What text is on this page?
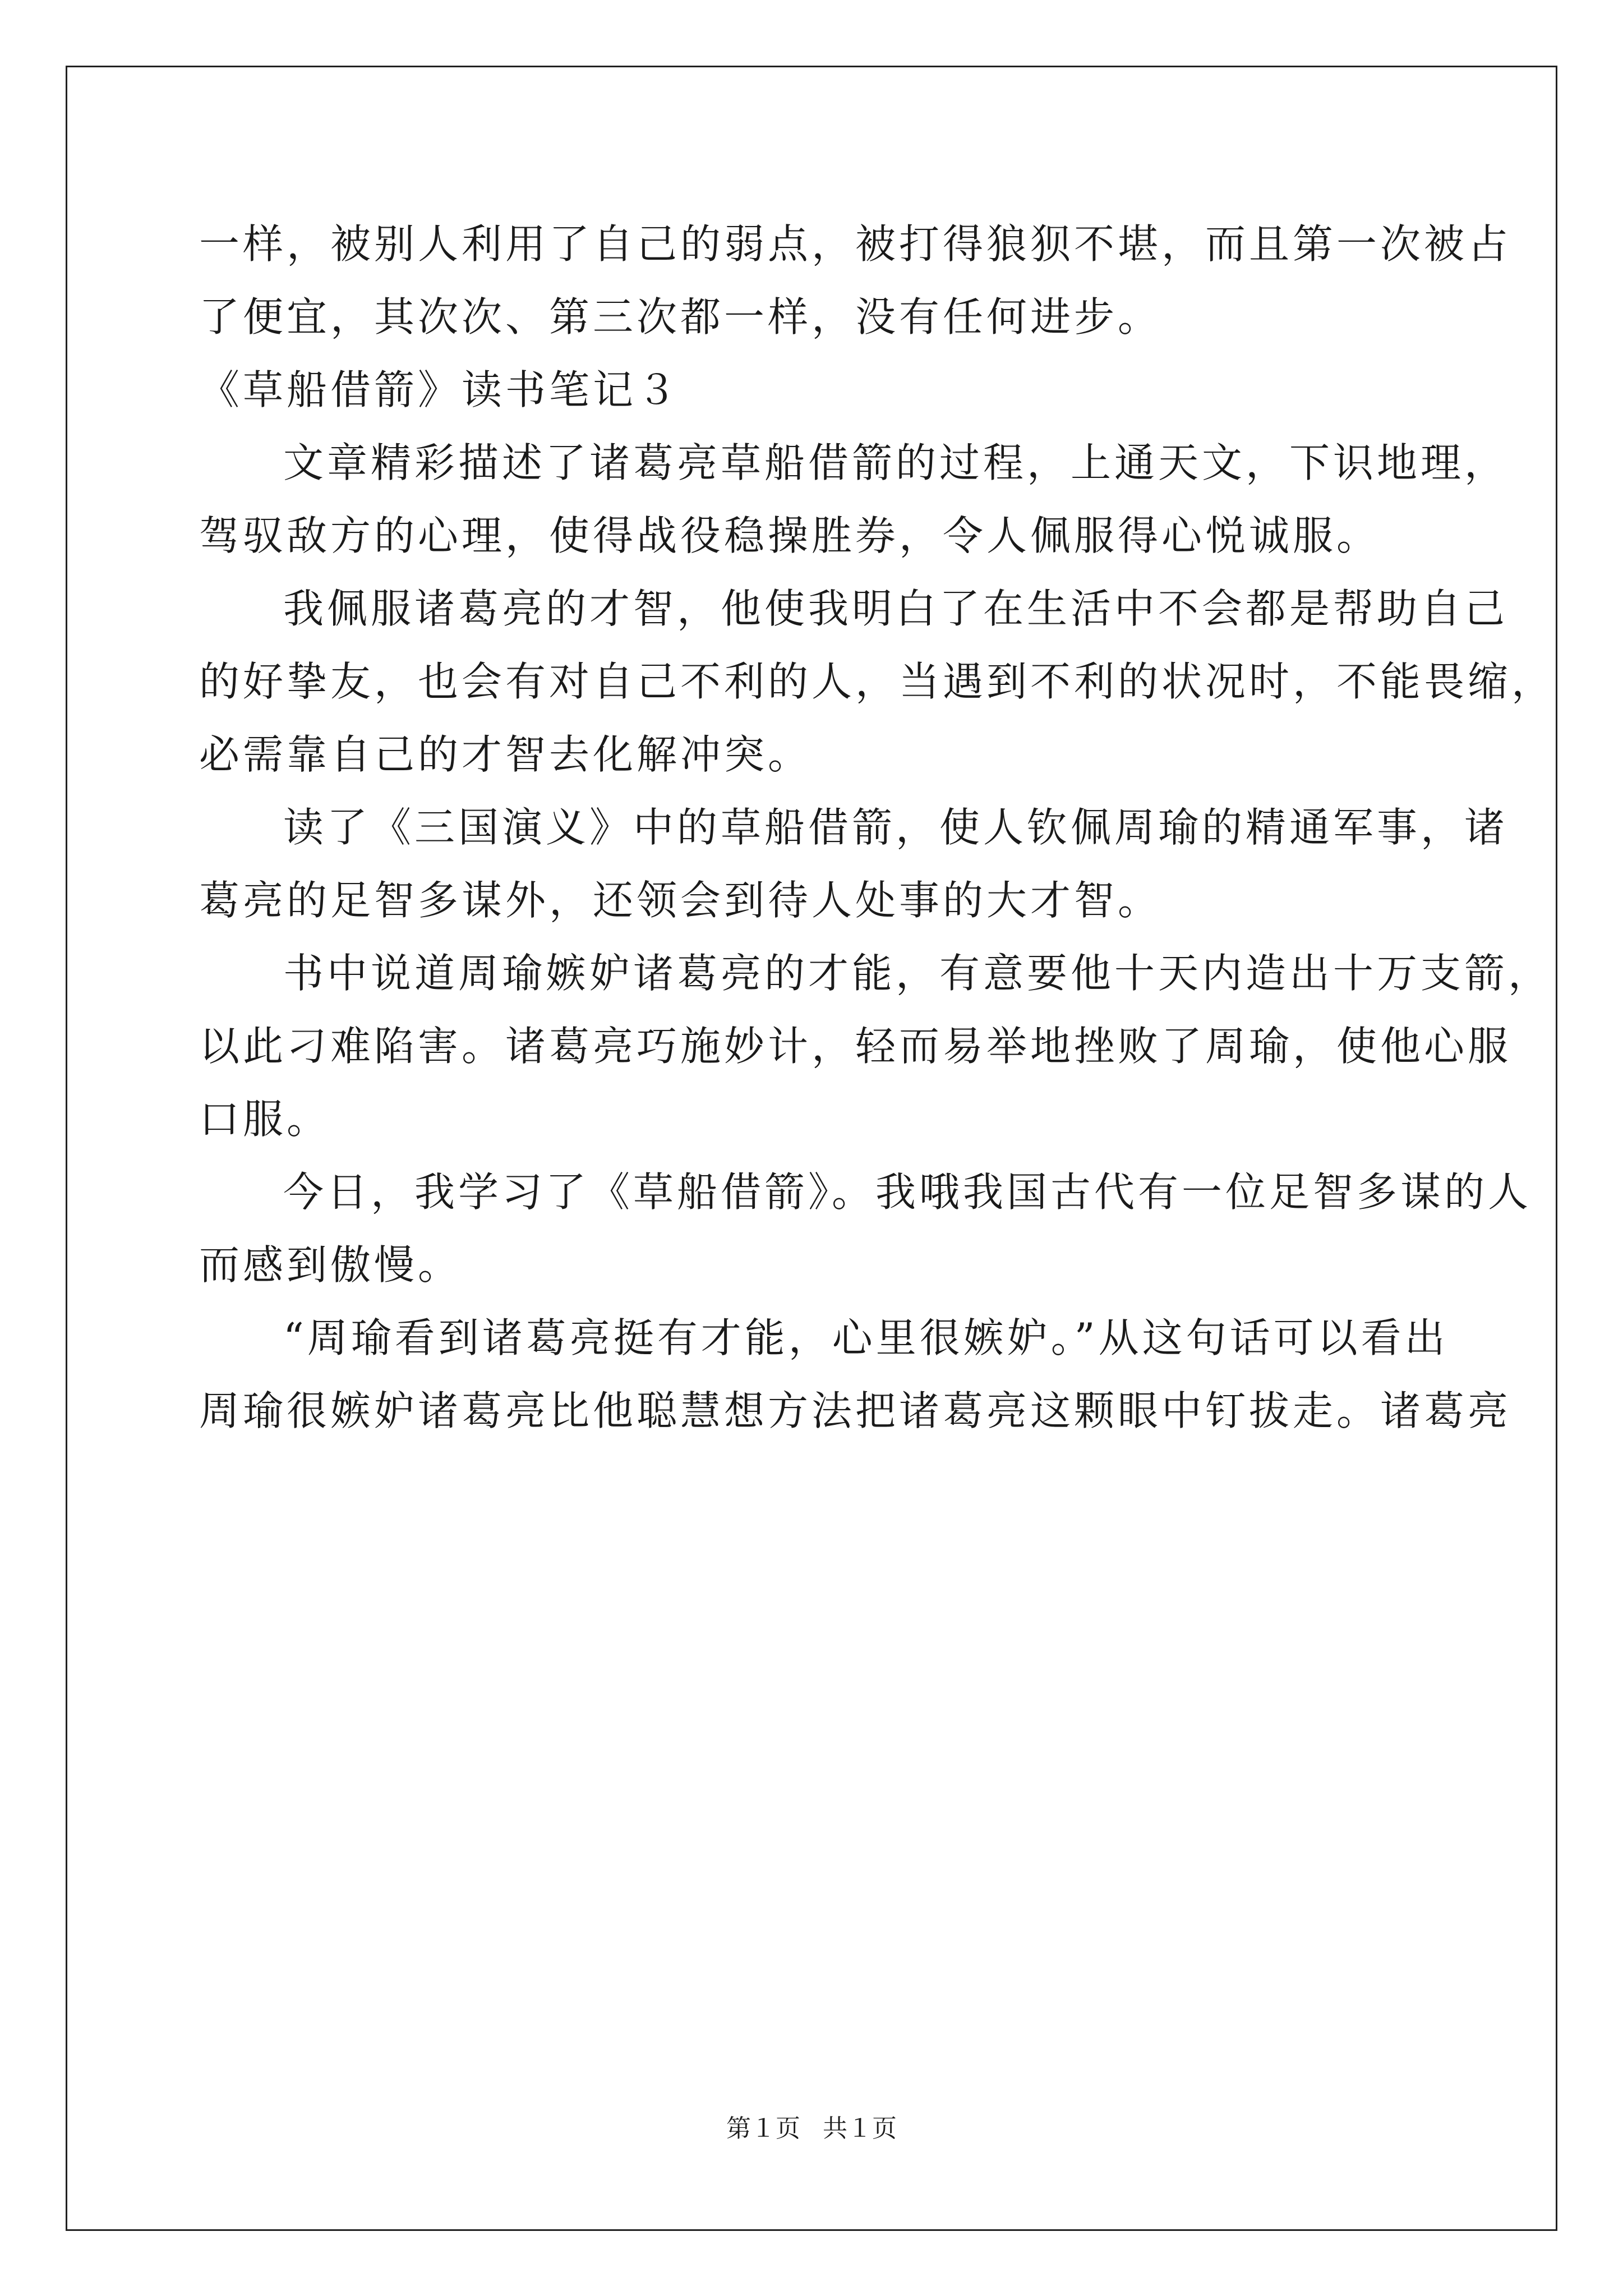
一样，被别人利用了自己的弱点，被打得狼狈不堪，而且第一次被占
了便宜，其次次、第三次都一样，没有任何进步。
《草船借箭》读书笔记３
文章精彩描述了诸葛亮草船借箭的过程，上通天文，下识地理，
驾驭敌方的心理，使得战役稳操胜券，令人佩服得心悦诚服。
我佩服诸葛亮的才智，他使我明白了在生活中不会都是帮助自己
的好挚友，也会有对自己不利的人，当遇到不利的状况时，不能畏缩，
必需靠自己的才智去化解冲突。
读了《三国演义》中的草船借箭，使人钦佩周瑜的精通军事，诸
葛亮的足智多谋外，还领会到待人处事的大才智。
书中说道周瑜嫉妒诸葛亮的才能，有意要他十天内造出十万支箭，
以此刁难陷害。诸葛亮巧施妙计，轻而易举地挫败了周瑜，使他心服
口服。
今日，我学习了《草船借箭》。我哦我国古代有一位足智多谋的人
而感到傲慢。
“周瑜看到诸葛亮挺有才能，心里很嫉妒。”从这句话可以看出
周瑜很嫉妒诸葛亮比他聪慧想方法把诸葛亮这颗眼中钉拔走。诸葛亮
第１页 共１页
